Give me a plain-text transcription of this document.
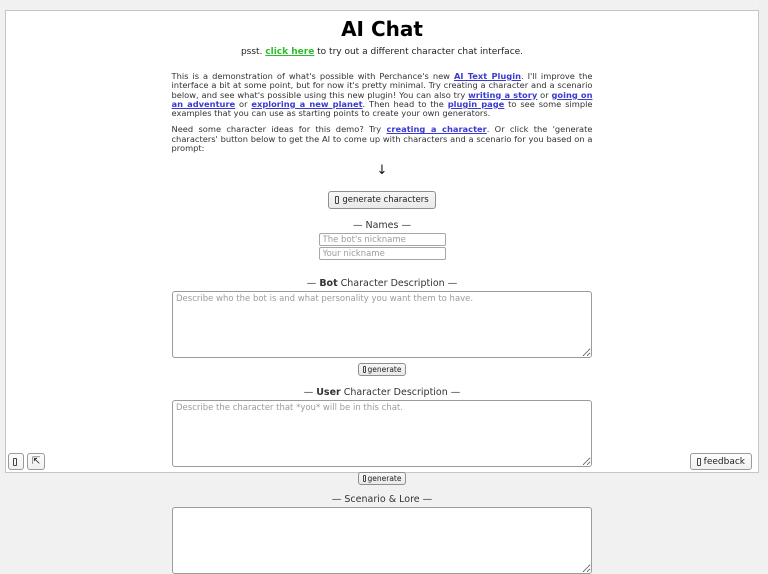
AI Chat
psst. click here to try out a different character chat interface.

This is a demonstration of what's possible with Perchance's new AI Text Plugin. I'll improve the interface a bit at some point, but for now it's pretty minimal. Try creating a character and a scenario below, and see what's possible using this new plugin! You can also try writing a story or going on an adventure or exploring a new planet. Then head to the plugin page to see some simple examples that you can use as starting points to create your own generators.

Need some character ideas for this demo? Try creating a character. Or click the 'generate characters' button below to get the AI to come up with characters and a scenario for you based on a prompt:

↓
generate characters
— Names —
The bot's nickname
Your nickname
— Bot Character Description —
Describe who the bot is and what personality you want them to have.
generate
— User Character Description —
Describe the character that *you* will be in this chat.
generate
— Scenario & Lore —
⇱	feedback
